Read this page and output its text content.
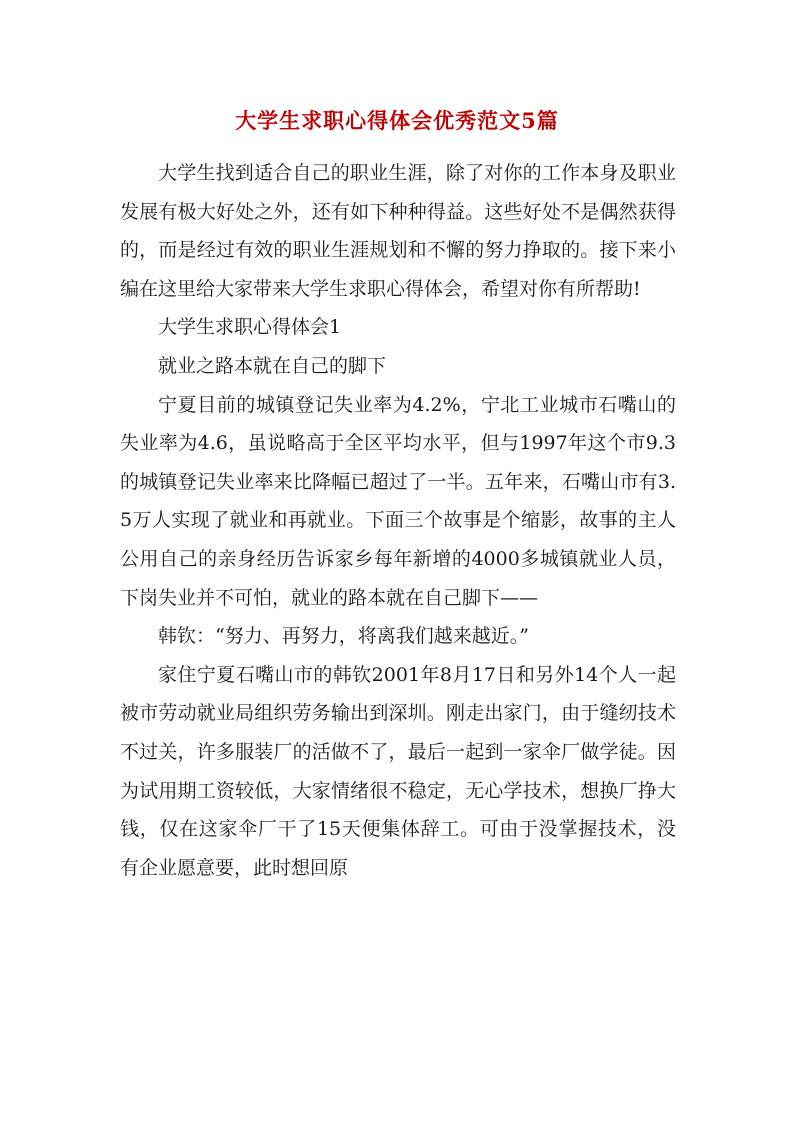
大学生求职心得体会优秀范文5篇

大学生找到适合自己的职业生涯，除了对你的工作本身及职业发展有极大好处之外，还有如下种种得益。这些好处不是偶然获得的，而是经过有效的职业生涯规划和不懈的努力挣取的。接下来小编在这里给大家带来大学生求职心得体会，希望对你有所帮助!

大学生求职心得体会1

就业之路本就在自己的脚下

宁夏目前的城镇登记失业率为4.2%，宁北工业城市石嘴山的失业率为4.6，虽说略高于全区平均水平，但与1997年这个市9.3的城镇登记失业率来比降幅已超过了一半。五年来，石嘴山市有3.5万人实现了就业和再就业。下面三个故事是个缩影，故事的主人公用自己的亲身经历告诉家乡每年新增的4000多城镇就业人员，下岗失业并不可怕，就业的路本就在自己脚下——

韩钦：“努力、再努力，将离我们越来越近。”

家住宁夏石嘴山市的韩钦2001年8月17日和另外14个人一起被市劳动就业局组织劳务输出到深圳。刚走出家门，由于缝纫技术不过关，许多服装厂的活做不了，最后一起到一家伞厂做学徒。因为试用期工资较低，大家情绪很不稳定，无心学技术，想换厂挣大钱，仅在这家伞厂干了15天便集体辞工。可由于没掌握技术，没有企业愿意要，此时想回原
